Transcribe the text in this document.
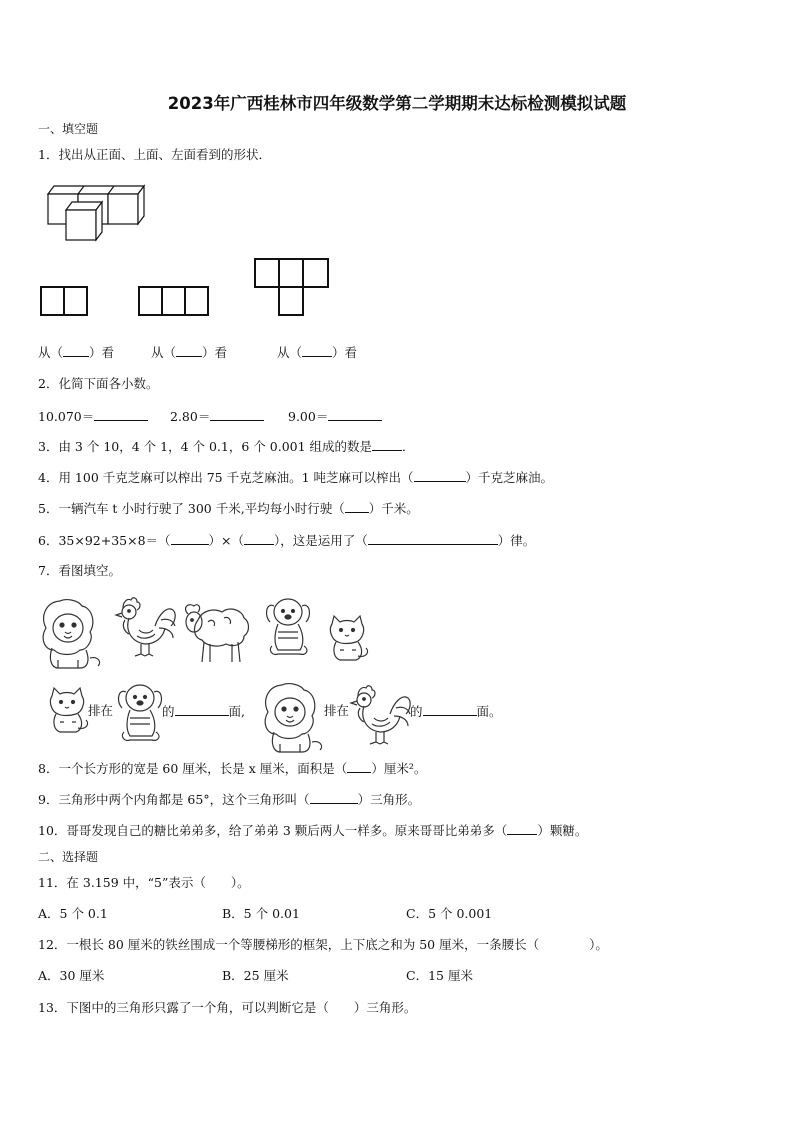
2023年广西桂林市四年级数学第二学期期末达标检测模拟试题
一、填空题
1．找出从正面、上面、左面看到的形状．
从（ ）看	从（ ）看	从（ ）看
2．化简下面各小数。
10.070＝	2.80＝	9.00＝
3．由 3 个 10，4 个 1，4 个 0.1，6 个 0.001 组成的数是 ．
4．用 100 千克芝麻可以榨出 75 千克芝麻油。1 吨芝麻可以榨出（	）千克芝麻油。
5．一辆汽车 t 小时行驶了 300 千米,平均每小时行驶（ ）千米。
6．35×92+35×8＝（	）×（ ），这是运用了（	）律。
7．看图填空。
排在	的	面,	排在	的	面。
8．一个长方形的宽是 60 厘米，长是 x 厘米，面积是（ ）厘米²。
9．三角形中两个内角都是 65°，这个三角形叫（	）三角形。
10．哥哥发现自己的糖比弟弟多，给了弟弟 3 颗后两人一样多。原来哥哥比弟弟多（ ）颗糖。
二、选择题
11．在 3.159 中，“5”表示（　　）。
A．5 个 0.1	B．5 个 0.01	C．5 个 0.001
12．一根长 80 厘米的铁丝围成一个等腰梯形的框架，上下底之和为 50 厘米，一条腰长（　　　　）。
A．30 厘米	B．25 厘米	C．15 厘米
13．下图中的三角形只露了一个角，可以判断它是（　　）三角形。
